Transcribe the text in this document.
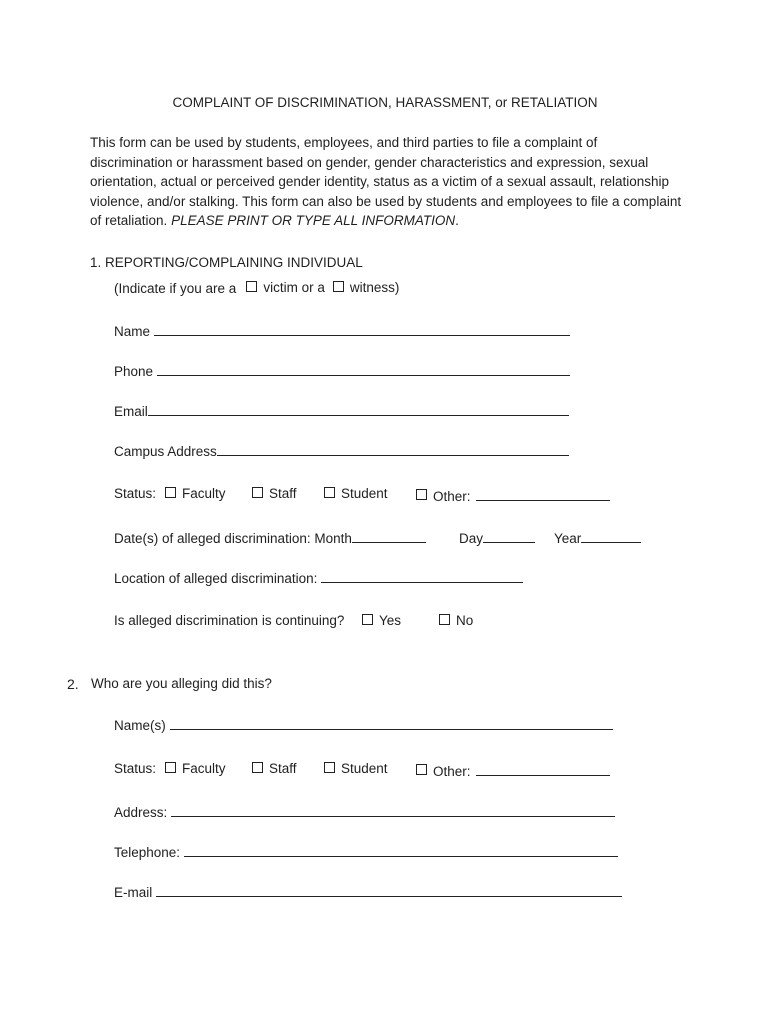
COMPLAINT OF DISCRIMINATION, HARASSMENT, or RETALIATION
This form can be used by students, employees, and third parties to file a complaint of discrimination or harassment based on gender, gender characteristics and expression, sexual orientation, actual or perceived gender identity, status as a victim of a sexual assault, relationship violence, and/or stalking. This form can also be used by students and employees to file a complaint of retaliation. PLEASE PRINT OR TYPE ALL INFORMATION.
1. REPORTING/COMPLAINING INDIVIDUAL
(Indicate if you are a victim or a witness)
Name
Phone
Email
Campus Address
Status: Faculty	Staff	Student	Other:
Date(s) of alleged discrimination: Month	Day	Year
Location of alleged discrimination:
Is alleged discrimination is continuing?	Yes	No
2. Who are you alleging did this?
Name(s)
Status: Faculty	Staff	Student	Other:
Address:
Telephone:
E-mail
